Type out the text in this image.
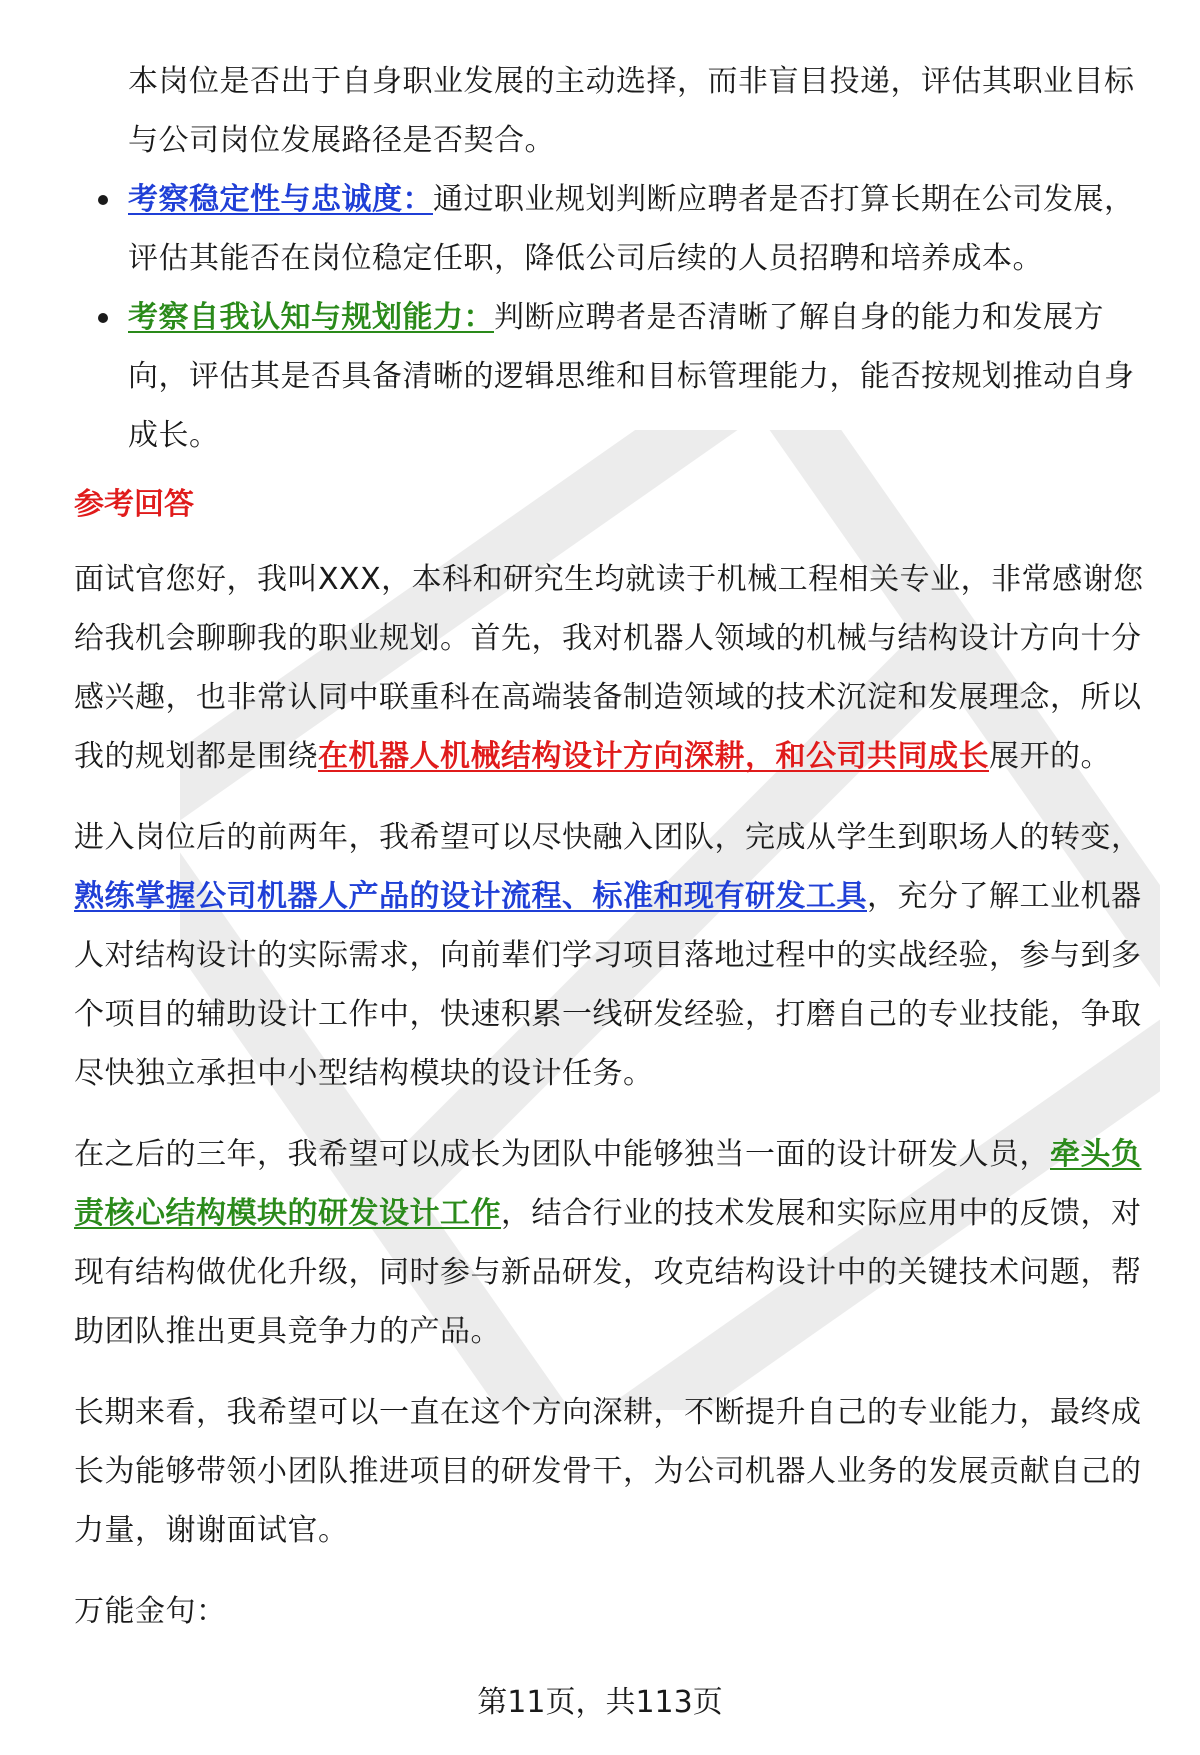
本岗位是否出于自身职业发展的主动选择，而非盲目投递，评估其职业目标与公司岗位发展路径是否契合。
考察稳定性与忠诚度：通过职业规划判断应聘者是否打算长期在公司发展，评估其能否在岗位稳定任职，降低公司后续的人员招聘和培养成本。
考察自我认知与规划能力：判断应聘者是否清晰了解自身的能力和发展方向，评估其是否具备清晰的逻辑思维和目标管理能力，能否按规划推动自身成长。
参考回答
面试官您好，我叫XXX，本科和研究生均就读于机械工程相关专业，非常感谢您给我机会聊聊我的职业规划。首先，我对机器人领域的机械与结构设计方向十分感兴趣，也非常认同中联重科在高端装备制造领域的技术沉淀和发展理念，所以我的规划都是围绕在机器人机械结构设计方向深耕，和公司共同成长展开的。
进入岗位后的前两年，我希望可以尽快融入团队，完成从学生到职场人的转变，熟练掌握公司机器人产品的设计流程、标准和现有研发工具，充分了解工业机器人对结构设计的实际需求，向前辈们学习项目落地过程中的实战经验，参与到多个项目的辅助设计工作中，快速积累一线研发经验，打磨自己的专业技能，争取尽快独立承担中小型结构模块的设计任务。
在之后的三年，我希望可以成长为团队中能够独当一面的设计研发人员，牵头负责核心结构模块的研发设计工作，结合行业的技术发展和实际应用中的反馈，对现有结构做优化升级，同时参与新品研发，攻克结构设计中的关键技术问题，帮助团队推出更具竞争力的产品。
长期来看，我希望可以一直在这个方向深耕，不断提升自己的专业能力，最终成长为能够带领小团队推进项目的研发骨干，为公司机器人业务的发展贡献自己的力量，谢谢面试官。
万能金句：
第11页，共113页
